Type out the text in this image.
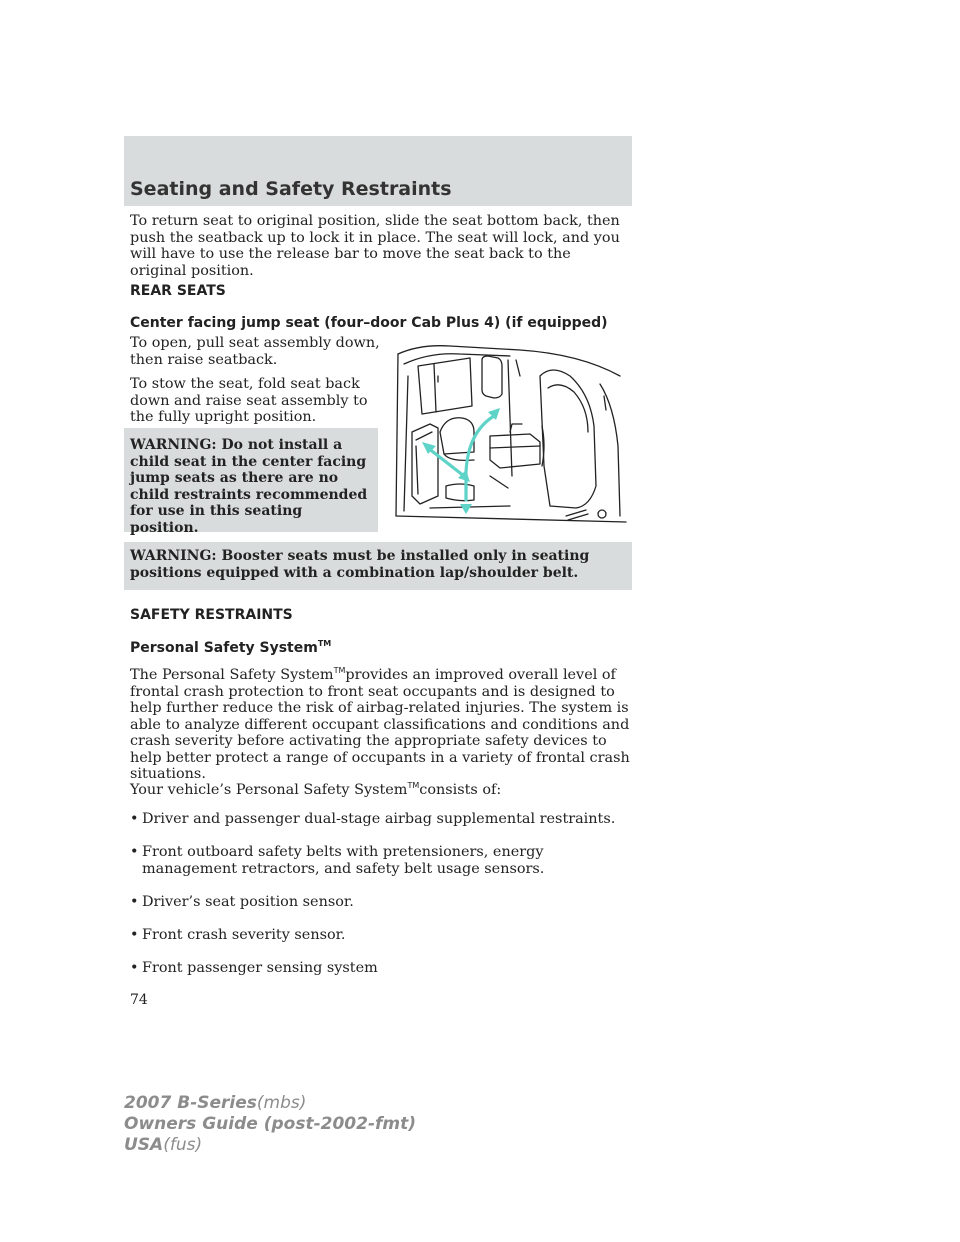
Seating and Safety Restraints

To return seat to original position, slide the seat bottom back, then push the seatback up to lock it in place. The seat will lock, and you will have to use the release bar to move the seat back to the original position.

REAR SEATS
Center facing jump seat (four–door Cab Plus 4) (if equipped)

To open, pull seat assembly down, then raise seatback.

To stow the seat, fold seat back down and raise seat assembly to the fully upright position.

WARNING: Do not install a child seat in the center facing jump seats as there are no child restraints recommended for use in this seating position.

WARNING: Booster seats must be installed only in seating positions equipped with a combination lap/shoulder belt.

SAFETY RESTRAINTS
Personal Safety System™

The Personal Safety System™provides an improved overall level of frontal crash protection to front seat occupants and is designed to help further reduce the risk of airbag-related injuries. The system is able to analyze different occupant classifications and conditions and crash severity before activating the appropriate safety devices to help better protect a range of occupants in a variety of frontal crash situations.

Your vehicle’s Personal Safety System™consists of:

• Driver and passenger dual-stage airbag supplemental restraints.
• Front outboard safety belts with pretensioners, energy management retractors, and safety belt usage sensors.
• Driver’s seat position sensor.
• Front crash severity sensor.
• Front passenger sensing system
74
2007 B-Series(mbs)
Owners Guide (post-2002-fmt)
USA(fus)
